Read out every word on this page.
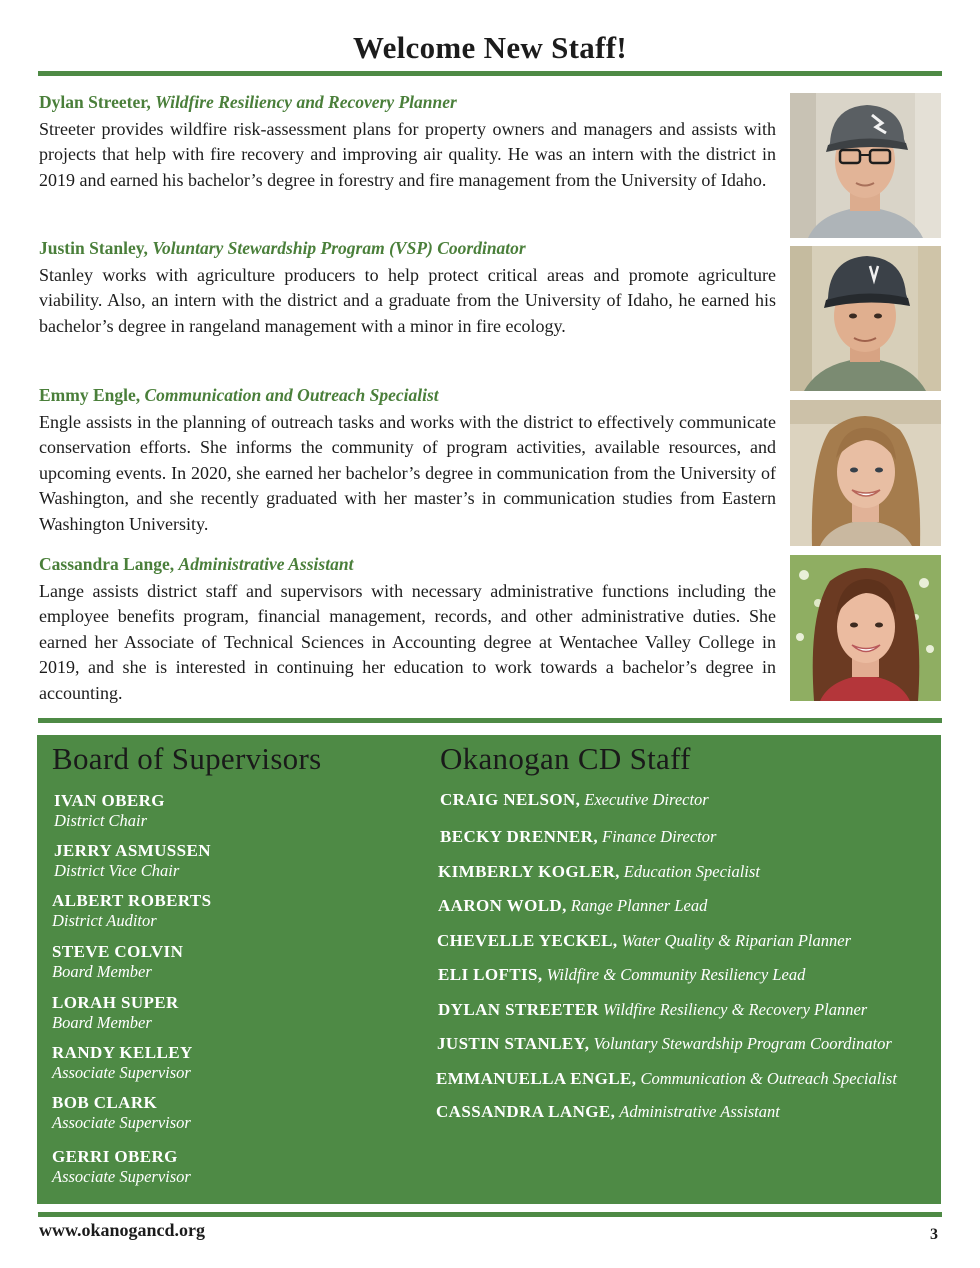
Welcome New Staff!
Dylan Streeter, Wildfire Resiliency and Recovery Planner
Streeter provides wildfire risk-assessment plans for property owners and managers and assists with projects that help with fire recovery and improving air quality. He was an intern with the district in 2019 and earned his bachelor’s degree in forestry and fire management from the University of Idaho.
Justin Stanley, Voluntary Stewardship Program (VSP) Coordinator
Stanley works with agriculture producers to help protect critical areas and promote agriculture viability. Also, an intern with the district and a graduate from the University of Idaho, he earned his bachelor’s degree in rangeland management with a minor in fire ecology.
Emmy Engle, Communication and Outreach Specialist
Engle assists in the planning of outreach tasks and works with the district to effectively communicate conservation efforts. She informs the community of program activities, available resources, and upcoming events. In 2020, she earned her bachelor’s degree in communication from the University of Washington, and she recently graduated with her master’s in communication studies from Eastern Washington University.
Cassandra Lange, Administrative Assistant
Lange assists district staff and supervisors with necessary administrative functions including the employee benefits program, financial management, records, and other administrative duties. She earned her Associate of Technical Sciences in Accounting degree at Wentachee Valley College in 2019, and she is interested in continuing her education to work towards a bachelor’s degree in accounting.
Board of Supervisors	Okanogan CD Staff
IVAN OBERG
District Chair
JERRY ASMUSSEN
District Vice Chair
ALBERT ROBERTS
District Auditor
STEVE COLVIN
Board Member
LORAH SUPER
Board Member
RANDY KELLEY
Associate Supervisor
BOB CLARK
Associate Supervisor
GERRI OBERG
Associate Supervisor
CRAIG NELSON, Executive Director
BECKY DRENNER, Finance Director
KIMBERLY KOGLER, Education Specialist
AARON WOLD, Range Planner Lead
CHEVELLE YECKEL, Water Quality & Riparian Planner
ELI LOFTIS, Wildfire & Community Resiliency Lead
DYLAN STREETER Wildfire Resiliency & Recovery Planner
JUSTIN STANLEY, Voluntary Stewardship Program Coordinator
EMMANUELLA ENGLE, Communication & Outreach Specialist
CASSANDRA LANGE, Administrative Assistant
www.okanogancd.org	3
